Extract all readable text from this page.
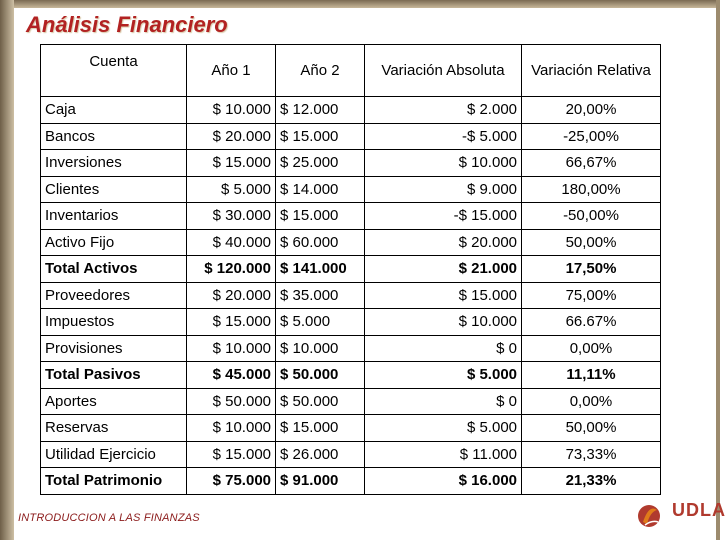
Análisis Financiero
Cuenta	Año 1	Año 2	Variación Absoluta	Variación Relativa
Caja	$ 10.000	$ 12.000	$ 2.000	20,00%
Bancos	$ 20.000	$ 15.000	-$ 5.000	-25,00%
Inversiones	$ 15.000	$ 25.000	$ 10.000	66,67%
Clientes	$ 5.000	$ 14.000	$ 9.000	180,00%
Inventarios	$ 30.000	$ 15.000	-$ 15.000	-50,00%
Activo Fijo	$ 40.000	$ 60.000	$ 20.000	50,00%
Total Activos	$ 120.000	$ 141.000	$ 21.000	17,50%
Proveedores	$ 20.000	$ 35.000	$ 15.000	75,00%
Impuestos	$ 15.000	$ 5.000	$ 10.000	66.67%
Provisiones	$ 10.000	$ 10.000	$ 0	0,00%
Total Pasivos	$ 45.000	$ 50.000	$ 5.000	11,11%
Aportes	$ 50.000	$ 50.000	$ 0	0,00%
Reservas	$ 10.000	$ 15.000	$ 5.000	50,00%
Utilidad Ejercicio	$ 15.000	$ 26.000	$ 11.000	73,33%
Total Patrimonio	$ 75.000	$ 91.000	$ 16.000	21,33%
INTRODUCCION A LAS FINANZAS	UDLA
